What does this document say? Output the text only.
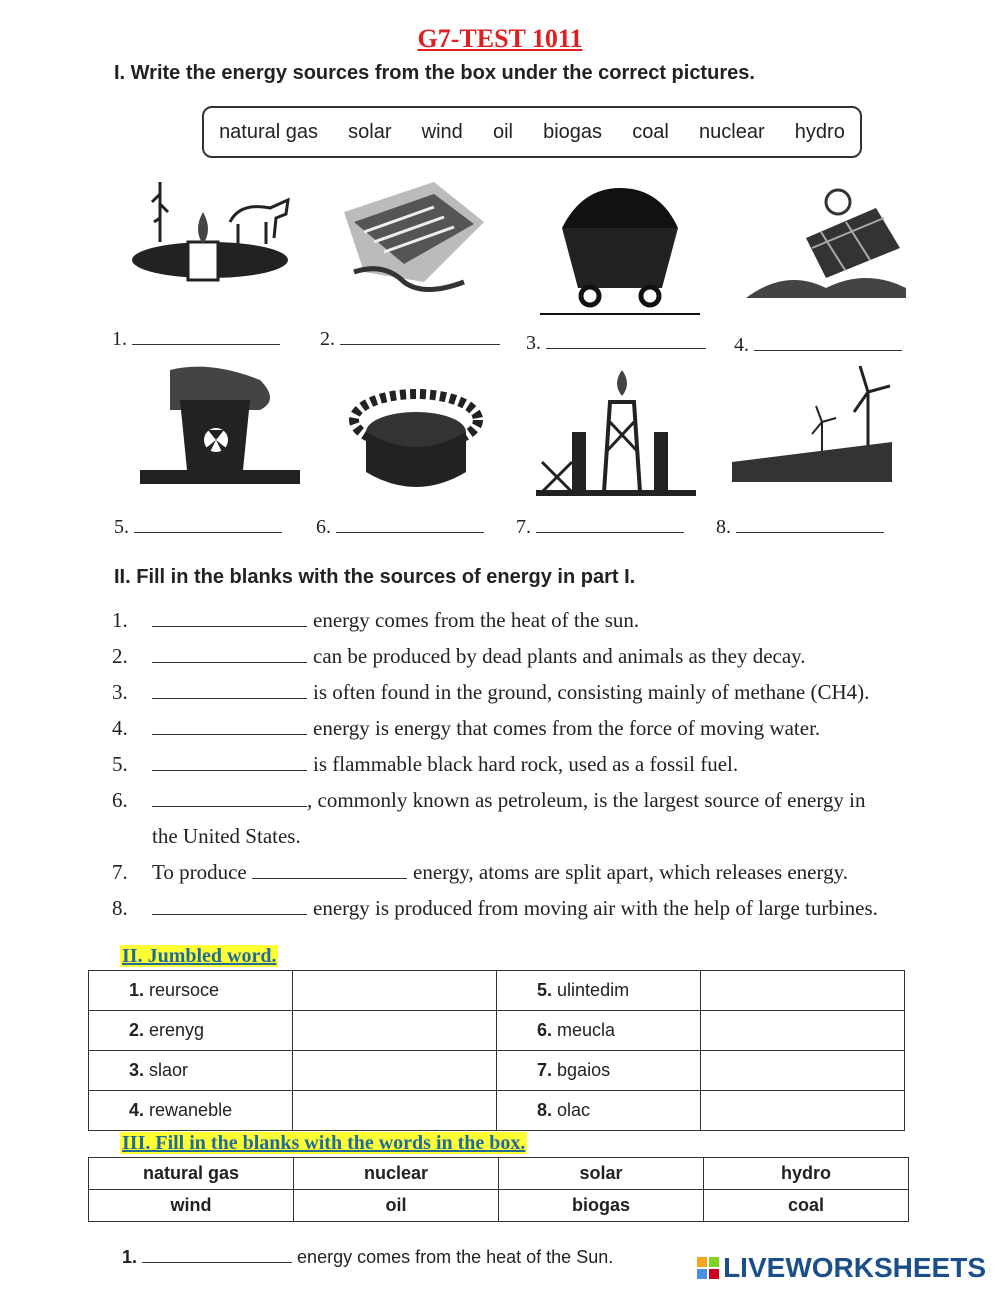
G7-TEST 1011
I. Write the energy sources from the box under the correct pictures.
natural gas solar wind oil biogas coal nuclear hydro
1.	2.	3.	4.
5.	6.	7.	8.
II. Fill in the blanks with the sources of energy in part I.
1.	energy comes from the heat of the sun.
2.	can be produced by dead plants and animals as they decay.
3.	is often found in the ground, consisting mainly of methane (CH4).
4.	energy is energy that comes from the force of moving water.
5.	is flammable black hard rock, used as a fossil fuel.
6.	, commonly known as petroleum, is the largest source of energy in
the United States.
7. To produce	energy, atoms are split apart, which releases energy.
8.	energy is produced from moving air with the help of large turbines.
II. Jumbled word.
1. reursoce		5. ulintedim	
2. erenyg		6. meucla	
3. slaor		7. bgaios	
4. rewaneble		8. olac	
III. Fill in the blanks with the words in the box.
natural gas	nuclear	solar	hydro
wind	oil	biogas	coal
1.	energy comes from the heat of the Sun.	LIVEWORKSHEETS
